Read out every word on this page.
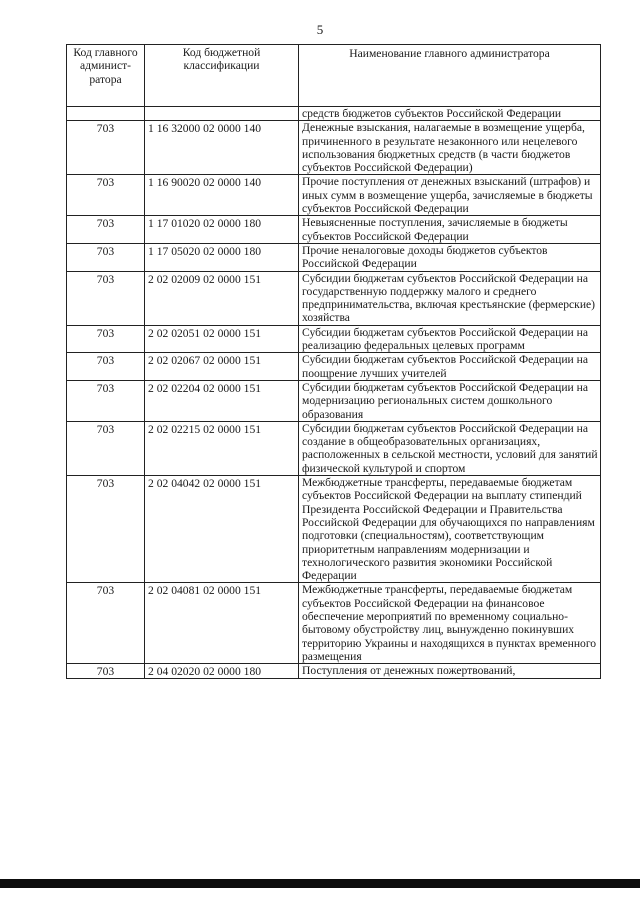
5
Код главного админист-ратора	Код бюджетной классификации	Наименование главного администратора
		средств бюджетов субъектов Российской Федерации
703	1 16 32000 02 0000 140	Денежные взыскания, налагаемые в возмещение ущерба, причиненного в результате незаконного или нецелевого использования бюджетных средств (в части бюджетов субъектов Российской Федерации)
703	1 16 90020 02 0000 140	Прочие поступления от денежных взысканий (штрафов) и иных сумм в возмещение ущерба, зачисляемые в бюджеты субъектов Российской Федерации
703	1 17 01020 02 0000 180	Невыясненные поступления, зачисляемые в бюджеты субъектов Российской Федерации
703	1 17 05020 02 0000 180	Прочие неналоговые доходы бюджетов субъектов Российской Федерации
703	2 02 02009 02 0000 151	Субсидии бюджетам субъектов Российской Федерации на государственную поддержку малого и среднего предпринимательства, включая крестьянские (фермерские) хозяйства
703	2 02 02051 02 0000 151	Субсидии бюджетам субъектов Российской Федерации на реализацию федеральных целевых программ
703	2 02 02067 02 0000 151	Субсидии бюджетам субъектов Российской Федерации на поощрение лучших учителей
703	2 02 02204 02 0000 151	Субсидии бюджетам субъектов Российской Федерации на модернизацию региональных систем дошкольного образования
703	2 02 02215 02 0000 151	Субсидии бюджетам субъектов Российской Федерации на создание в общеобразовательных организациях, расположенных в сельской местности, условий для занятий физической культурой и спортом
703	2 02 04042 02 0000 151	Межбюджетные трансферты, передаваемые бюджетам субъектов Российской Федерации на выплату стипендий Президента Российской Федерации и Правительства Российской Федерации для обучающихся по направлениям подготовки (специальностям), соответствующим приоритетным направлениям модернизации и технологического развития экономики Российской Федерации
703	2 02 04081 02 0000 151	Межбюджетные трансферты, передаваемые бюджетам субъектов Российской Федерации на финансовое обеспечение мероприятий по временному социально-бытовому обустройству лиц, вынужденно покинувших территорию Украины и находящихся в пунктах временного размещения
703	2 04 02020 02 0000 180	Поступления от денежных пожертвований,
